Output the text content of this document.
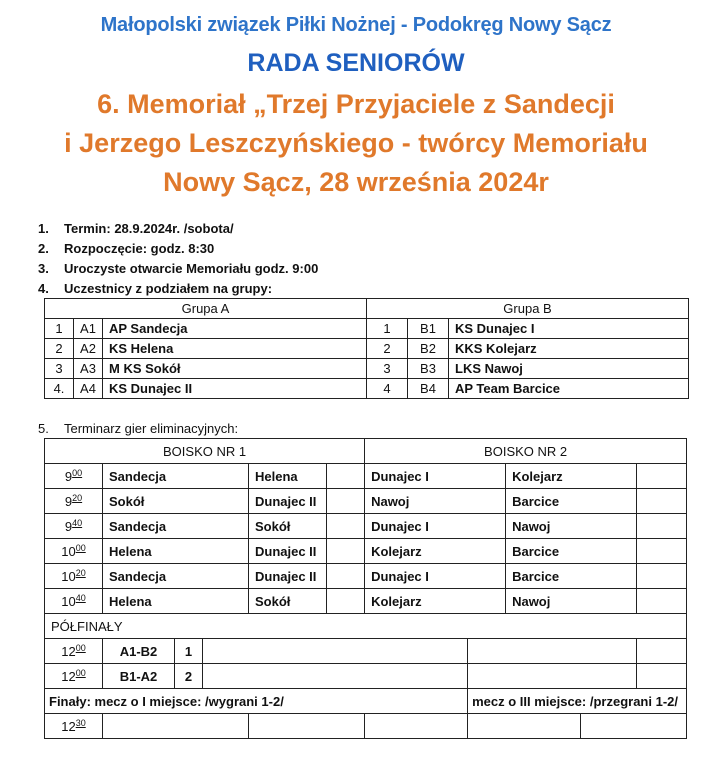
Małopolski związek Piłki Nożnej - Podokręg Nowy Sącz
RADA SENIORÓW
6. Memoriał „Trzej Przyjaciele z Sandecji
i Jerzego Leszczyńskiego - twórcy Memoriału
Nowy Sącz, 28 września 2024r
1. Termin: 28.9.2024r. /sobota/
2. Rozpoczęcie: godz. 8:30
3. Uroczyste otwarcie Memoriału godz. 9:00
4. Uczestnicy z podziałem na grupy:
Grupa A			Grupa B		
1	A1	AP Sandecja	1	B1	KS Dunajec I
2	A2	KS Helena	2	B2	KKS Kolejarz
3	A3	M KS Sokół	3	B3	LKS Nawoj
4.	A4	KS Dunajec II	4	B4	AP Team Barcice
5. Terminarz gier eliminacyjnych:
BOISKO NR 1						BOISKO NR 2				
$9^{00}$	Sandecja			Helena		Dunajec I		Kolejarz		
$9^{20}$	Sokół			Dunajec II		Nawoj		Barcice		
$9^{40}$	Sandecja			Sokół		Dunajec I		Nawoj		
$10^{00}$	Helena			Dunajec II		Kolejarz		Barcice		
$10^{20}$	Sandecja			Dunajec II		Dunajec I		Barcice		
$10^{40}$	Helena			Sokół		Kolejarz		Nawoj		
PÓŁFINAŁY										
$12^{00}$	A1-B2	1								
$12^{00}$	B1-A2	2								
Finały: mecz o I miejsce: /wygrani 1-2/							mecz o III miejsce: /przegrani 1-2/			
$12^{30}$					
